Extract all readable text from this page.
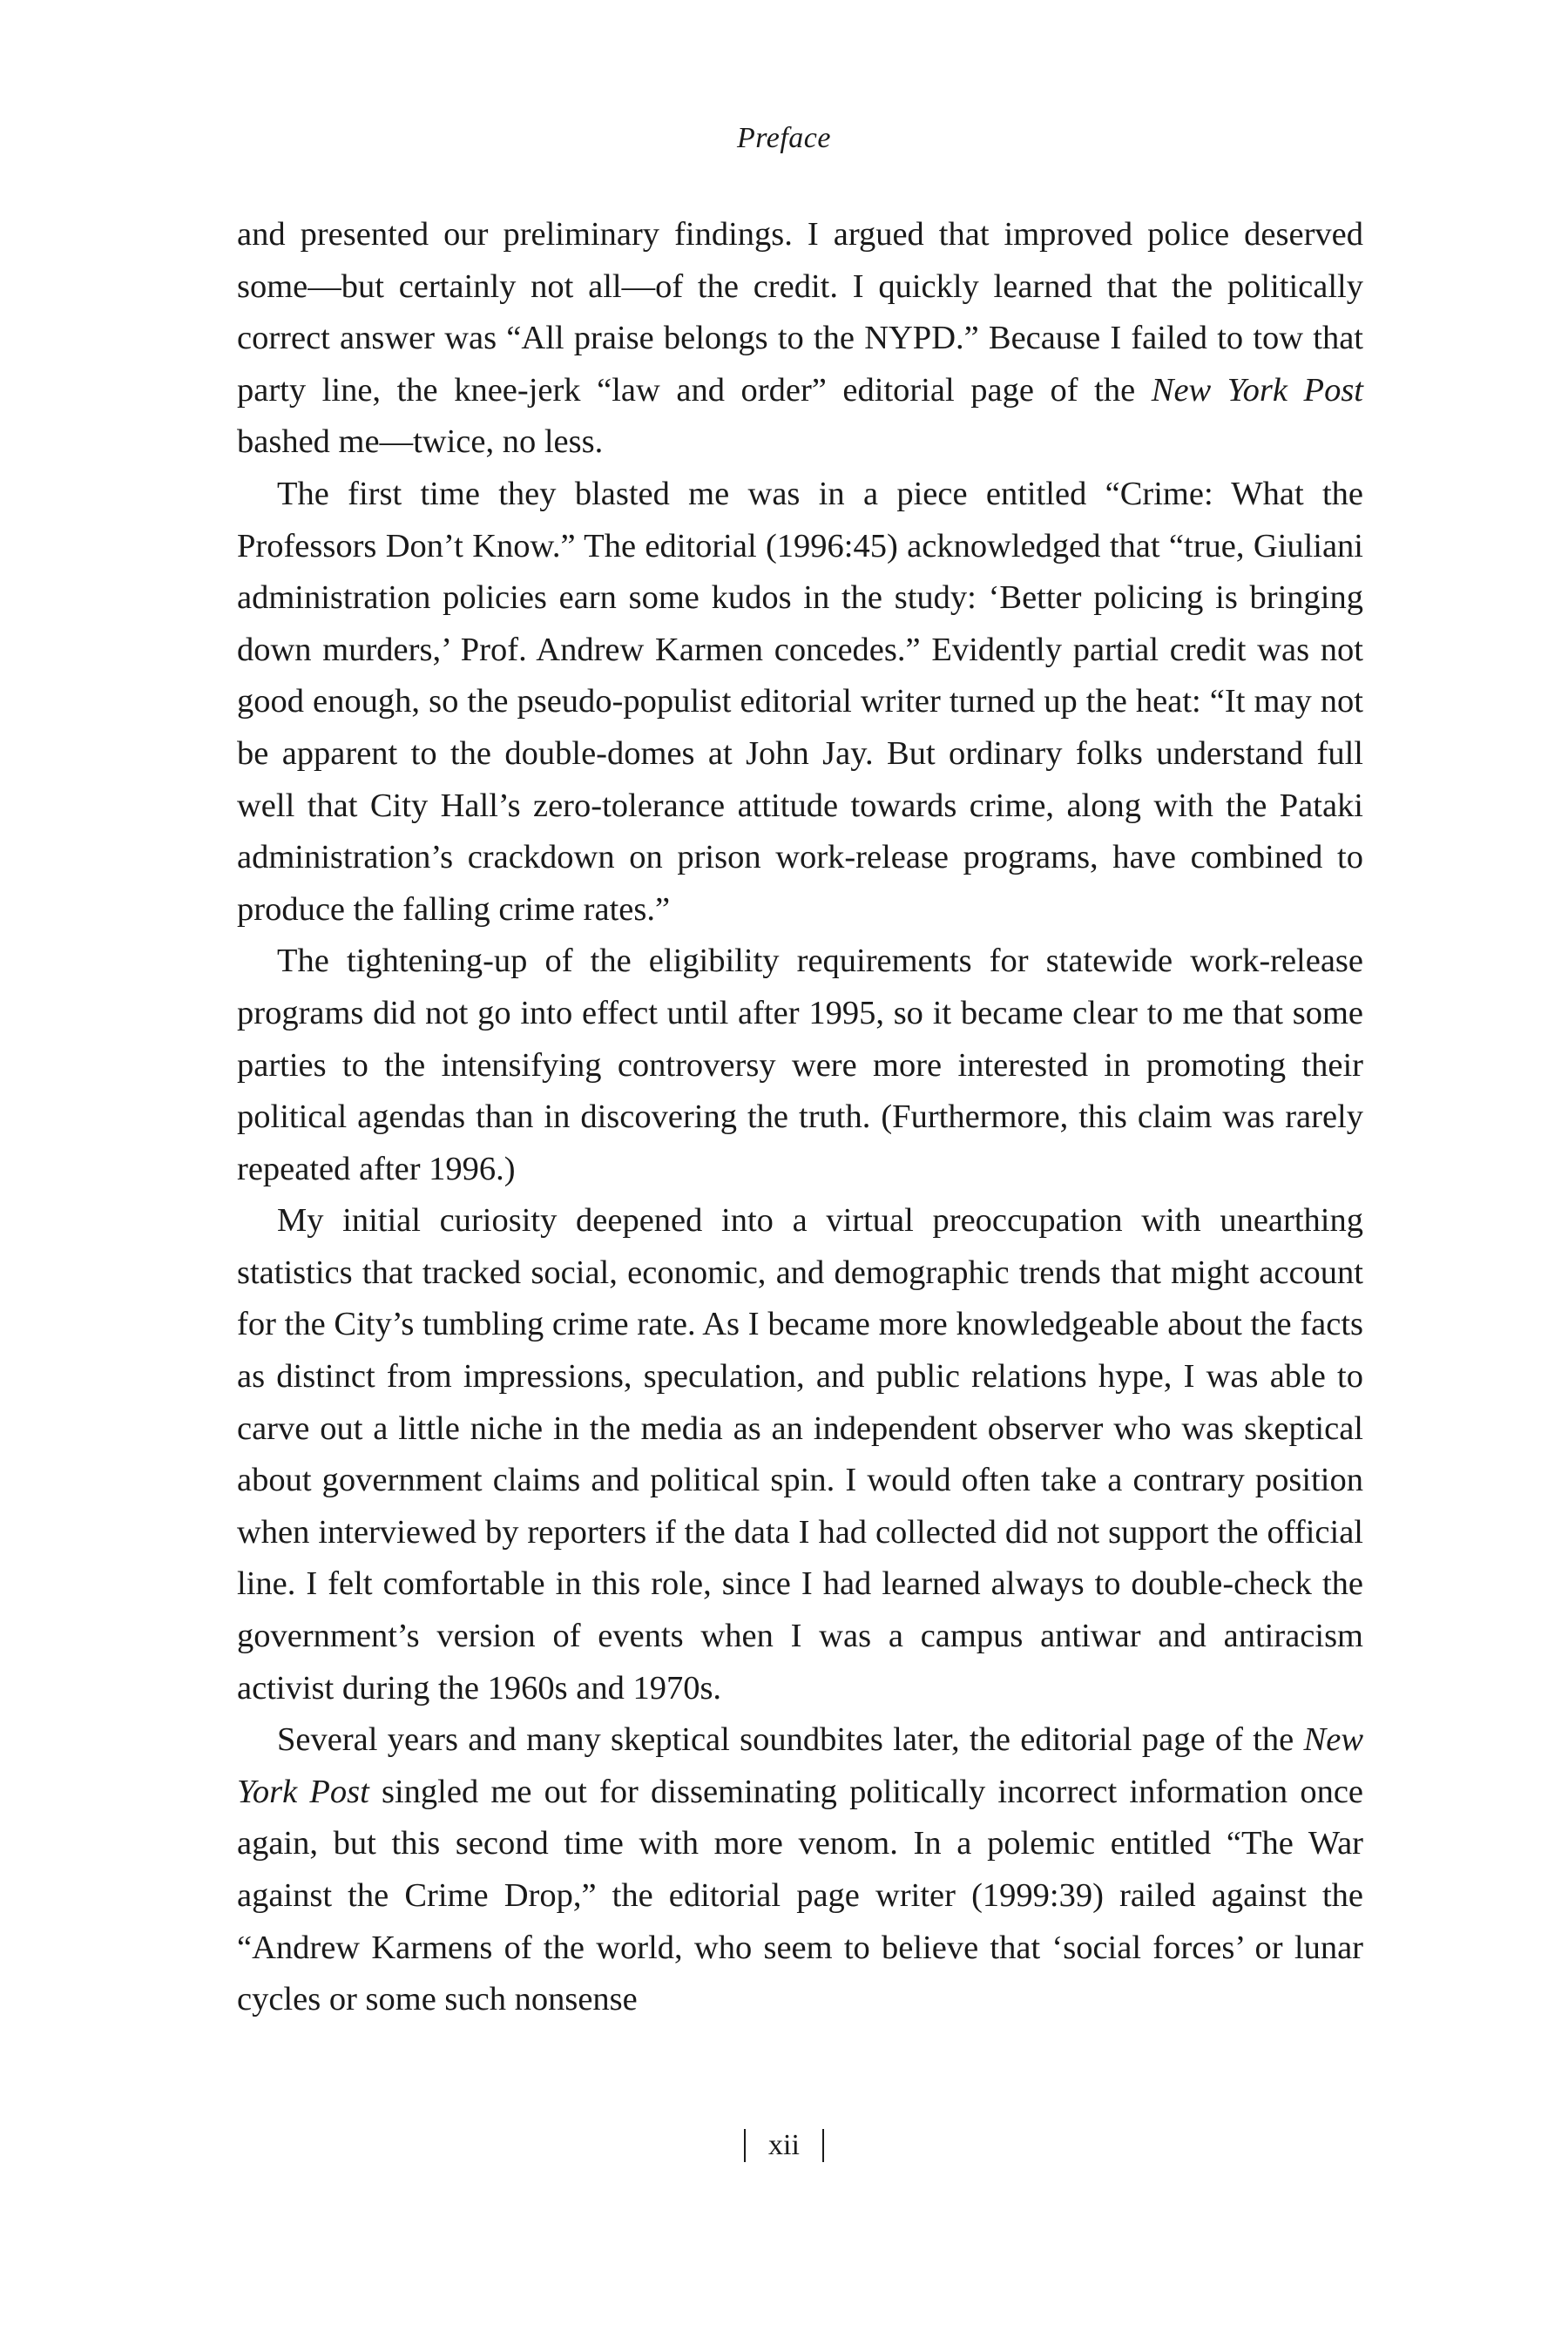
Preface

and presented our preliminary findings. I argued that improved police deserved some—but certainly not all—of the credit. I quickly learned that the politically correct answer was “All praise belongs to the NYPD.” Because I failed to tow that party line, the knee-jerk “law and order” editorial page of the New York Post bashed me—twice, no less.

The first time they blasted me was in a piece entitled “Crime: What the Professors Don’t Know.” The editorial (1996:45) acknowledged that “true, Giuliani administration policies earn some kudos in the study: ‘Better policing is bringing down murders,’ Prof. Andrew Karmen concedes.” Evidently partial credit was not good enough, so the pseudo-populist editorial writer turned up the heat: “It may not be apparent to the double-domes at John Jay. But ordinary folks understand full well that City Hall’s zero-tolerance attitude towards crime, along with the Pataki administration’s crackdown on prison work-release programs, have combined to produce the falling crime rates.”

The tightening-up of the eligibility requirements for statewide work-release programs did not go into effect until after 1995, so it became clear to me that some parties to the intensifying controversy were more interested in promoting their political agendas than in discovering the truth. (Furthermore, this claim was rarely repeated after 1996.)

My initial curiosity deepened into a virtual preoccupation with unearthing statistics that tracked social, economic, and demographic trends that might account for the City’s tumbling crime rate. As I became more knowledgeable about the facts as distinct from impressions, speculation, and public relations hype, I was able to carve out a little niche in the media as an independent observer who was skeptical about government claims and political spin. I would often take a contrary position when interviewed by reporters if the data I had collected did not support the official line. I felt comfortable in this role, since I had learned always to double-check the government’s version of events when I was a campus antiwar and antiracism activist during the 1960s and 1970s.

Several years and many skeptical soundbites later, the editorial page of the New York Post singled me out for disseminating politically incorrect information once again, but this second time with more venom. In a polemic entitled “The War against the Crime Drop,” the editorial page writer (1999:39) railed against the “Andrew Karmens of the world, who seem to believe that ‘social forces’ or lunar cycles or some such nonsense

xii
